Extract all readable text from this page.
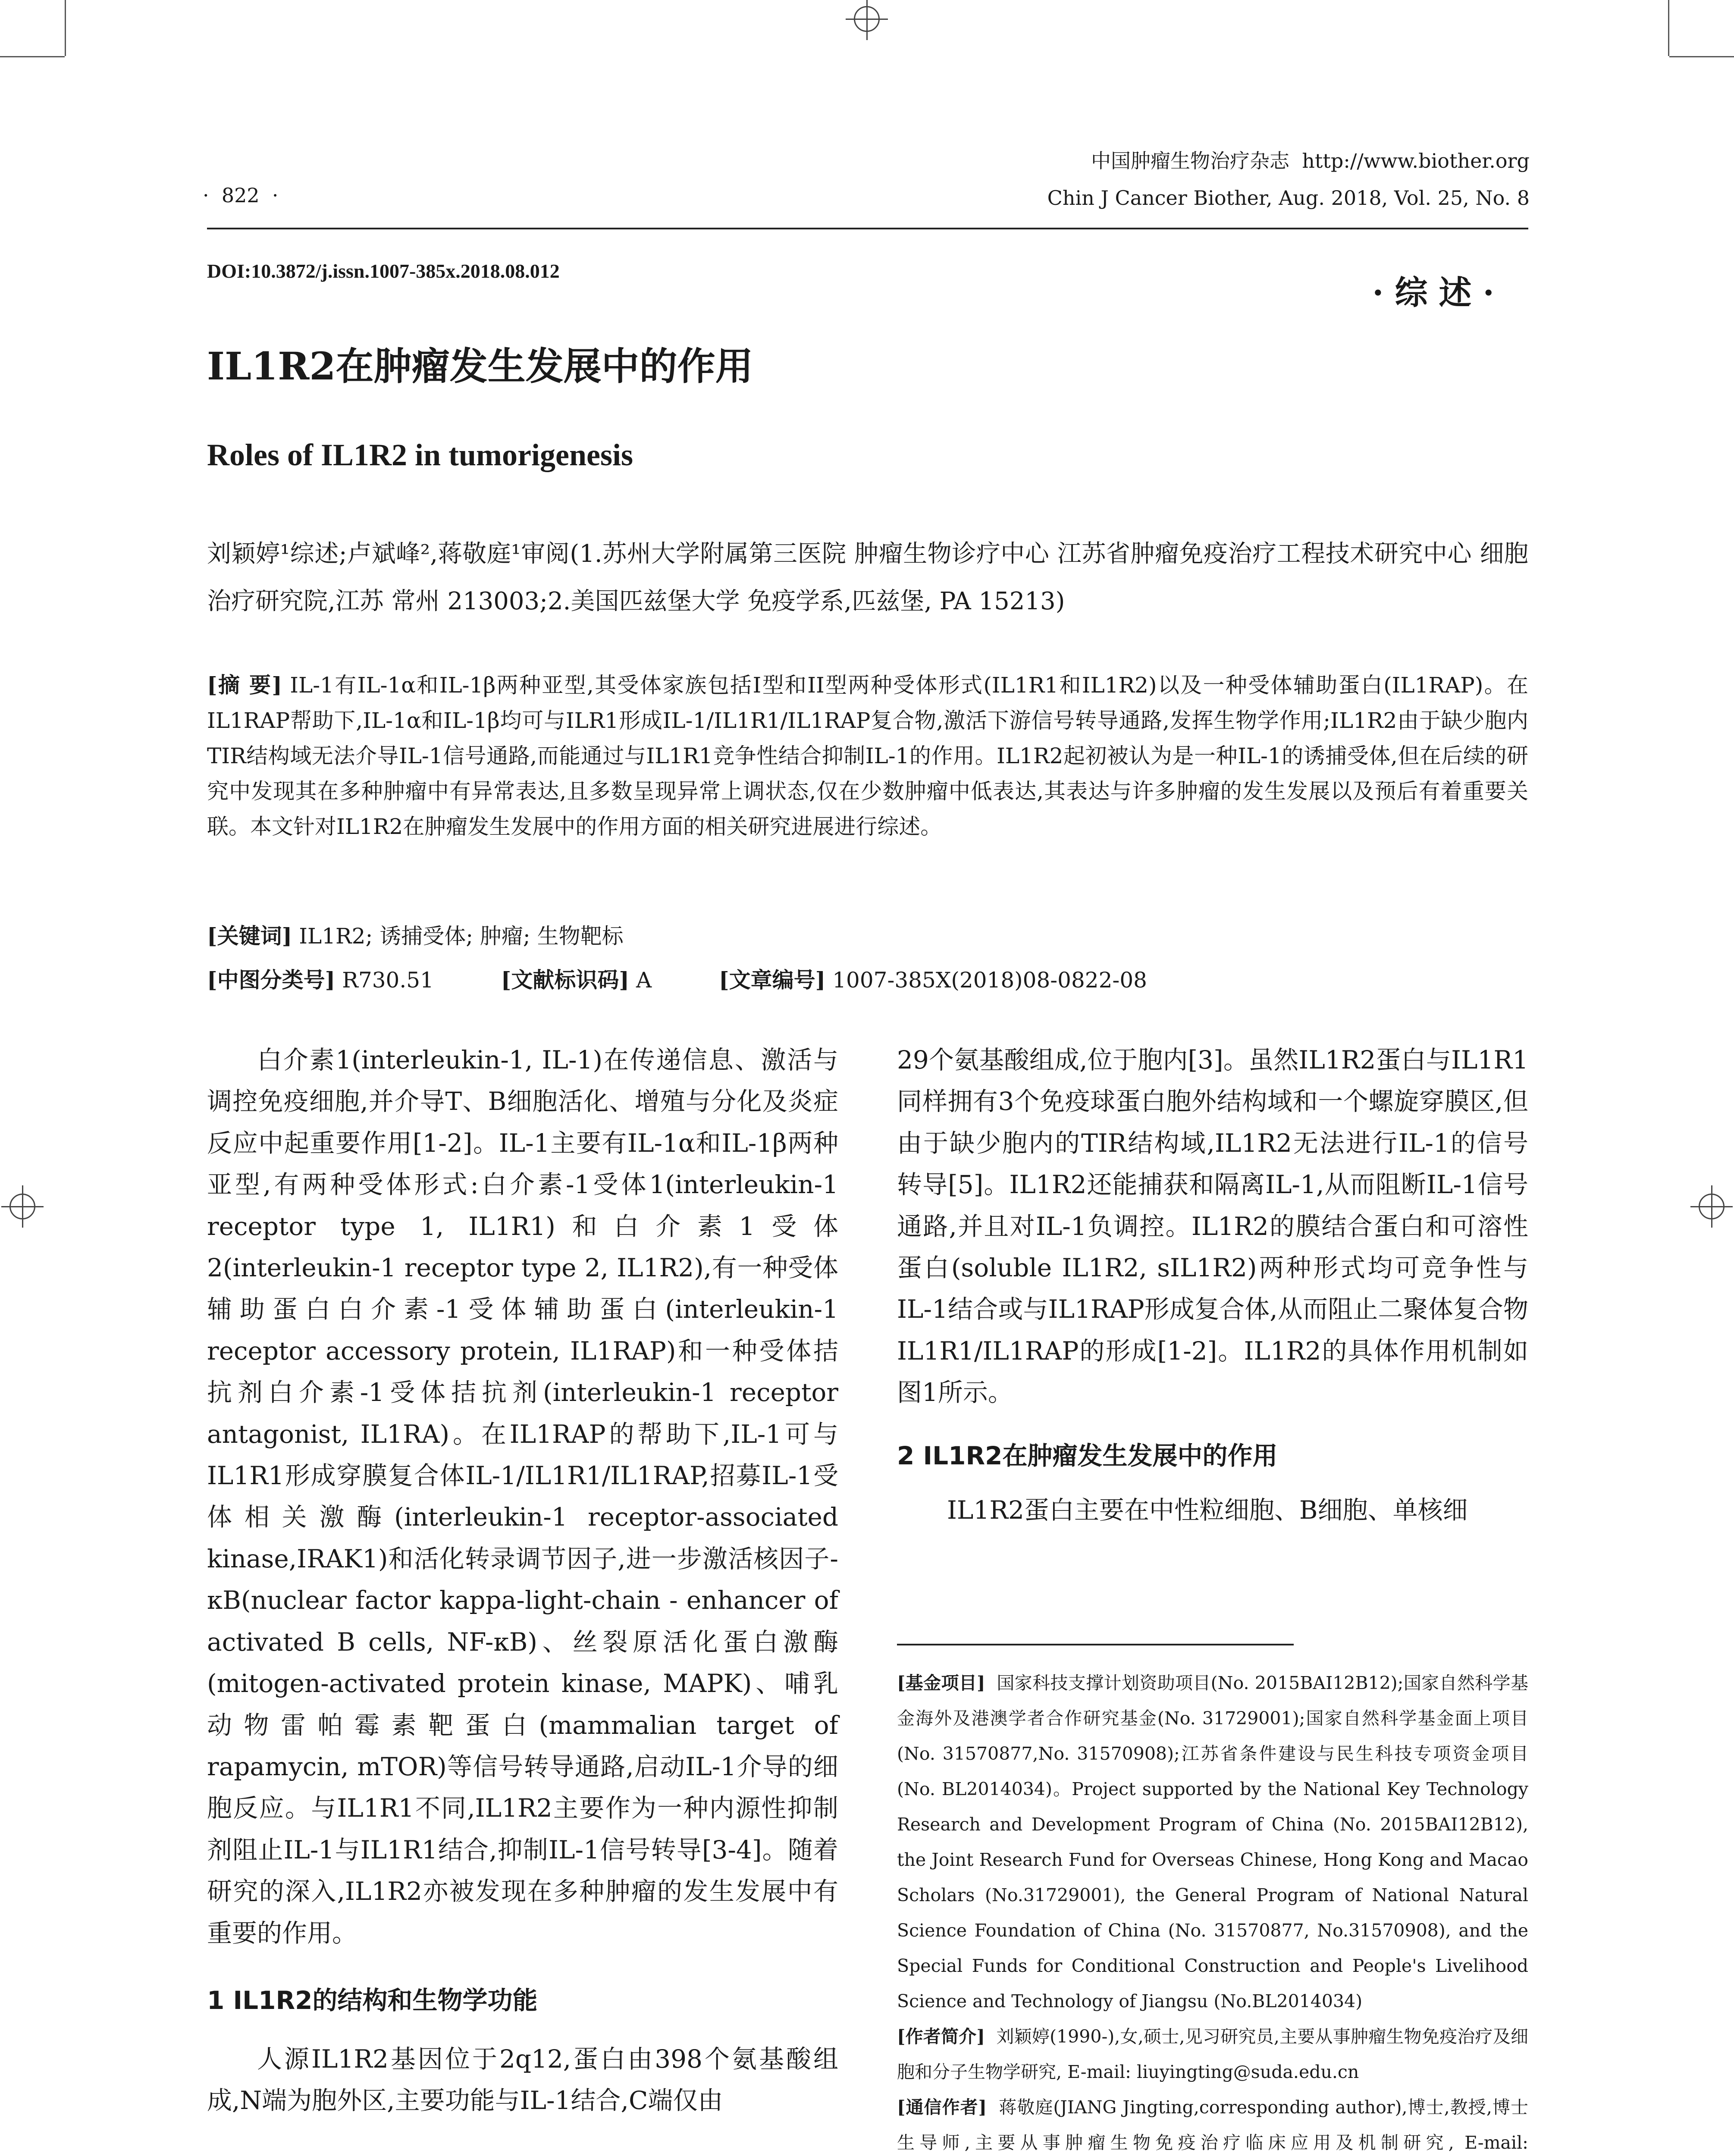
中国肿瘤生物治疗杂志 http://www.biother.org
Chin J Cancer Biother, Aug. 2018, Vol. 25, No. 8
·  822  ·
DOI:10.3872/j.issn.1007-385x.2018.08.012
·综述·
IL1R2在肿瘤发生发展中的作用
Roles of IL1R2 in tumorigenesis
刘颖婷¹综述;卢斌峰²,蒋敬庭¹审阅(1.苏州大学附属第三医院 肿瘤生物诊疗中心 江苏省肿瘤免疫治疗工程技术研究中心 细胞治疗研究院,江苏 常州 213003;2.美国匹兹堡大学 免疫学系,匹兹堡, PA 15213)
[摘 要] IL-1有IL-1α和IL-1β两种亚型,其受体家族包括I型和II型两种受体形式(IL1R1和IL1R2)以及一种受体辅助蛋白(IL1RAP)。在IL1RAP帮助下,IL-1α和IL-1β均可与ILR1形成IL-1/IL1R1/IL1RAP复合物,激活下游信号转导通路,发挥生物学作用;IL1R2由于缺少胞内TIR结构域无法介导IL-1信号通路,而能通过与IL1R1竞争性结合抑制IL-1的作用。IL1R2起初被认为是一种IL-1的诱捕受体,但在后续的研究中发现其在多种肿瘤中有异常表达,且多数呈现异常上调状态,仅在少数肿瘤中低表达,其表达与许多肿瘤的发生发展以及预后有着重要关联。本文针对IL1R2在肿瘤发生发展中的作用方面的相关研究进展进行综述。
[关键词] IL1R2; 诱捕受体; 肿瘤; 生物靶标
[中图分类号] R730.51	[文献标识码] A	[文章编号] 1007-385X(2018)08-0822-08

白介素1(interleukin-1, IL-1)在传递信息、激活与调控免疫细胞,并介导T、B细胞活化、增殖与分化及炎症反应中起重要作用[1-2]。IL-1主要有IL-1α和IL-1β两种亚型,有两种受体形式:白介素-1受体1(interleukin-1 receptor type 1, IL1R1)和白介素1受体2(interleukin-1 receptor type 2, IL1R2),有一种受体辅助蛋白白介素-1受体辅助蛋白(interleukin-1 receptor accessory protein, IL1RAP)和一种受体拮抗剂白介素-1受体拮抗剂(interleukin-1 receptor antagonist, IL1RA)。在IL1RAP的帮助下,IL-1可与IL1R1形成穿膜复合体IL-1/IL1R1/IL1RAP,招募IL-1受体相关激酶(interleukin-1 receptor-associated kinase,IRAK1)和活化转录调节因子,进一步激活核因子-κB(nuclear factor kappa-light-chain - enhancer of activated B cells, NF-κB)、丝裂原活化蛋白激酶(mitogen-activated protein kinase, MAPK)、哺乳动物雷帕霉素靶蛋白(mammalian target of rapamycin, mTOR)等信号转导通路,启动IL-1介导的细胞反应。与IL1R1不同,IL1R2主要作为一种内源性抑制剂阻止IL-1与IL1R1结合,抑制IL-1信号转导[3-4]。随着研究的深入,IL1R2亦被发现在多种肿瘤的发生发展中有重要的作用。

1 IL1R2的结构和生物学功能

人源IL1R2基因位于2q12,蛋白由398个氨基酸组成,N端为胞外区,主要功能与IL-1结合,C端仅由

29个氨基酸组成,位于胞内[3]。虽然IL1R2蛋白与IL1R1同样拥有3个免疫球蛋白胞外结构域和一个螺旋穿膜区,但由于缺少胞内的TIR结构域,IL1R2无法进行IL-1的信号转导[5]。IL1R2还能捕获和隔离IL-1,从而阻断IL-1信号通路,并且对IL-1负调控。IL1R2的膜结合蛋白和可溶性蛋白(soluble IL1R2, sIL1R2)两种形式均可竞争性与IL-1结合或与IL1RAP形成复合体,从而阻止二聚体复合物IL1R1/IL1RAP的形成[1-2]。IL1R2的具体作用机制如图1所示。

2 IL1R2在肿瘤发生发展中的作用

IL1R2蛋白主要在中性粒细胞、B细胞、单核细

[基金项目] 国家科技支撑计划资助项目(No. 2015BAI12B12);国家自然科学基金海外及港澳学者合作研究基金(No. 31729001);国家自然科学基金面上项目(No. 31570877,No. 31570908);江苏省条件建设与民生科技专项资金项目(No. BL2014034)。Project supported by the National Key Technology Research and Development Program of China (No. 2015BAI12B12), the Joint Research Fund for Overseas Chinese, Hong Kong and Macao Scholars (No.31729001), the General Program of National Natural Science Foundation of China (No. 31570877, No.31570908), and the Special Funds for Conditional Construction and People's Livelihood Science and Technology of Jiangsu (No.BL2014034)

[作者简介] 刘颖婷(1990-),女,硕士,见习研究员,主要从事肿瘤生物免疫治疗及细胞和分子生物学研究, E-mail: liuyingting@suda.edu.cn

[通信作者] 蒋敬庭(JIANG Jingting,corresponding author),博士,教授,博士生导师,主要从事肿瘤生物免疫治疗临床应用及机制研究, E-mail:
